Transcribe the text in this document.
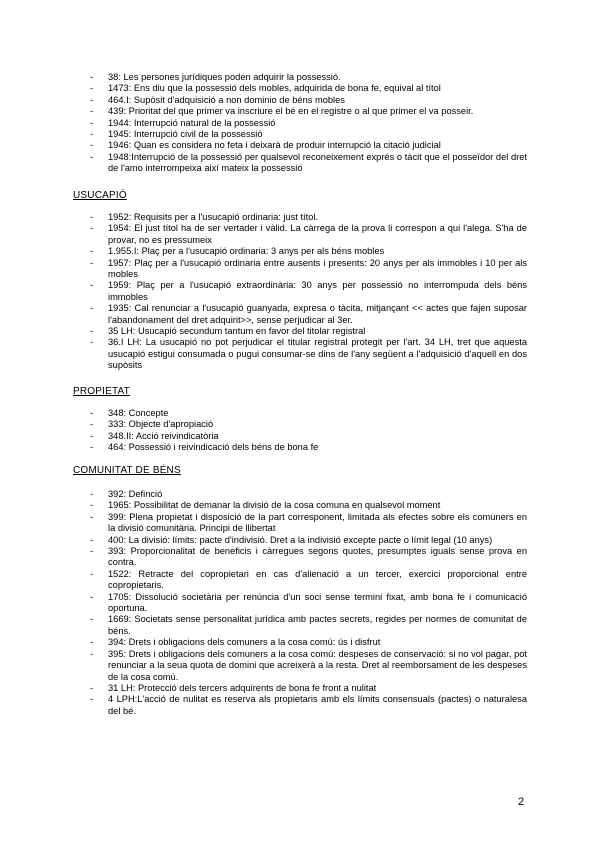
- 38: Les persones jurídiques poden adquirir la possessió.
- 1473: Ens diu que la possessió dels mobles, adquirida de bona fe, equival al títol
- 464.I: Supòsit d'adquisició a non dominio de béns mobles
- 439: Prioritat del que primer va inscriure el bé en el registre o al que primer el va posseir.
- 1944: Interrupció natural de la possessió
- 1945: Interrupció civil de la possessió
- 1946: Quan es considera no feta i deixarà de produir interrupció la citació judicial
- 1948:Interrupció de la possessió per qualsevol reconeixement exprés o tàcit que el posseïdor del dret de l'amo interrompeixa així mateix la possessió
USUCAPIÓ
- 1952: Requisits per a l'usucapió ordinaria: just títol.
- 1954: El just títol ha de ser vertader i vàlid. La càrrega de la prova li correspon a qui l'alega. S'ha de provar, no es pressumeix
- 1.955.I: Plaç per a l'usucapió ordinaria: 3 anys per als béns mobles
- 1957: Plaç per a l'usucapió ordinaria entre ausents i presents: 20 anys per als immobles i 10 per als mobles
- 1959: Plaç per a l'usucapió extraordinària: 30 anys per possessió no interrompuda dels béns immobles
- 1935: Cal renunciar a l'usucapió guanyada, expresa o tàcita, mitjançant << actes que fajen suposar l'abandonament del dret adquirit>>, sense perjudicar al 3er.
- 35 LH: Usucapió secundum tantum en favor del titolar registral
- 36.I LH: La usucapió no pot perjudicar el titular registral protegit per l'art. 34 LH, tret que aquesta usucapió estigui consumada o pugui consumar-se dins de l'any següent a l'adquisició d'aquell en dos supòsits
PROPIETAT
- 348: Concepte
- 333: Objecte d'apropiació
- 348.II: Acció reivindicatòria
- 464: Possessió i reivindicació dels béns de bona fe
COMUNITAT DE BÉNS
- 392: Definció
- 1965: Possibilitat de demanar la divisió de la cosa comuna en qualsevol moment
- 399: Plena propietat i disposició de la part corresponent, limitada als efectes sobre els comuners en la divisió comunitària. Principi de llibertat
- 400: La divisió: límits: pacte d'indivisió. Dret a la indivisió excepte pacte o límit legal (10 anys)
- 393: Proporcionalitat de beneficis i càrregues segons quotes, presumptes iguals sense prova en contra.
- 1522: Retracte del copropietari en cas d'alienació a un tercer, exercici proporcional entre copropietaris.
- 1705: Dissolució societària per renúncia d'un soci sense termini fixat, amb bona fe i comunicació oportuna.
- 1669: Societats sense personalitat jurídica amb pactes secrets, regides per normes de comunitat de béns.
- 394: Drets i obligacions dels comuners a la cosa comú: ús i disfrut
- 395: Drets i obligacions dels comuners a la cosa comú: despeses de conservació: si no vol pagar, pot renunciar a la seua quota de domini que acreixerà a la resta. Dret al reemborsament de les despeses de la cosa comú.
- 31 LH: Protecció dels tercers adquirents de bona fe front a nulitat
- 4 LPH:L'acció de nulitat es reserva als propietaris amb els límits consensuals (pactes) o naturalesa del bé.
2
